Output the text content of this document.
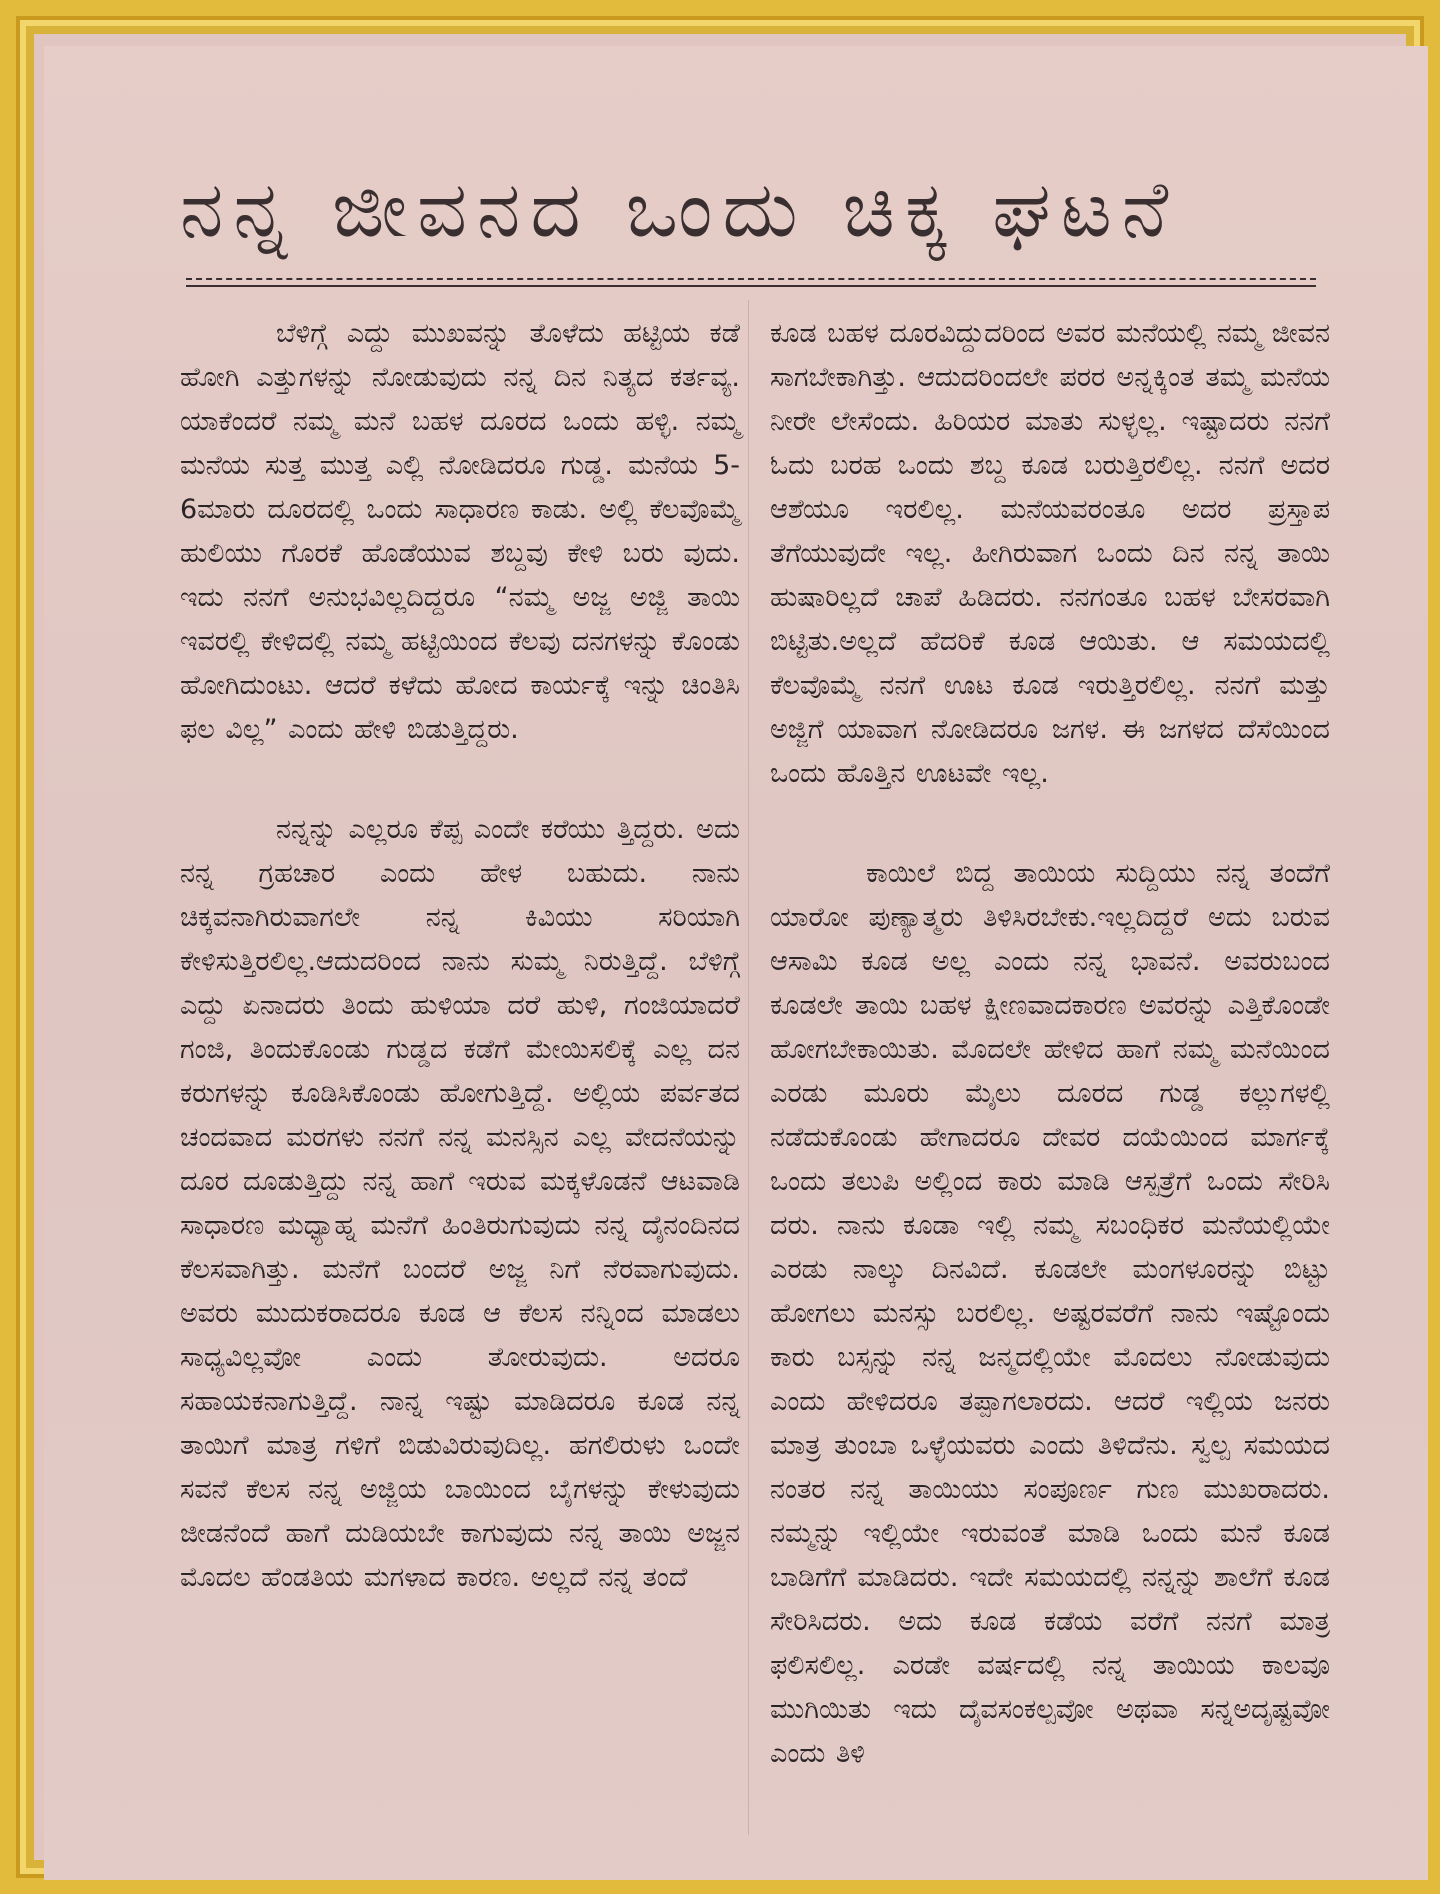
ನನ್ನ ಜೀವನದ ಒಂದು ಚಿಕ್ಕ ಘಟನೆ

ಬೆಳಿಗ್ಗೆ ಎದ್ದು ಮುಖವನ್ನು ತೊಳೆದು ಹಟ್ಟಿಯ ಕಡೆ ಹೋಗಿ ಎತ್ತುಗಳನ್ನು ನೋಡುವುದು ನನ್ನ ದಿನ ನಿತ್ಯದ ಕರ್ತವ್ಯ. ಯಾಕೆಂದರೆ ನಮ್ಮ ಮನೆ ಬಹಳ ದೂರದ ಒಂದು ಹಳ್ಳಿ. ನಮ್ಮ ಮನೆಯ ಸುತ್ತ ಮುತ್ತ ಎಲ್ಲಿ ನೋಡಿದರೂ ಗುಡ್ಡ. ಮನೆಯ 5-6ಮಾರು ದೂರದಲ್ಲಿ ಒಂದು ಸಾಧಾರಣ ಕಾಡು. ಅಲ್ಲಿ ಕೆಲವೊಮ್ಮೆ ಹುಲಿಯು ಗೊರಕೆ ಹೊಡೆಯುವ ಶಬ್ದವು ಕೇಳಿ ಬರು ವುದು. ಇದು ನನಗೆ ಅನುಭವಿಲ್ಲದಿದ್ದರೂ “ನಮ್ಮ ಅಜ್ಜ ಅಜ್ಜಿ ತಾಯಿ ಇವರಲ್ಲಿ ಕೇಳಿದಲ್ಲಿ ನಮ್ಮ ಹಟ್ಟಿಯಿಂದ ಕೆಲವು ದನಗಳನ್ನು ಕೊಂಡು ಹೋಗಿದುಂಟು. ಆದರೆ ಕಳೆದು ಹೋದ ಕಾರ್ಯಕ್ಕೆ ಇನ್ನು ಚಿಂತಿಸಿ ಫಲ ವಿಲ್ಲ” ಎಂದು ಹೇಳಿ ಬಿಡುತ್ತಿದ್ದರು.

ನನ್ನನ್ನು ಎಲ್ಲರೂ ಕೆಪ್ಪ ಎಂದೇ ಕರೆಯು ತ್ತಿದ್ದರು. ಅದು ನನ್ನ ಗ್ರಹಚಾರ ಎಂದು ಹೇಳ ಬಹುದು. ನಾನು ಚಿಕ್ಕವನಾಗಿರುವಾಗಲೇ ನನ್ನ ಕಿವಿಯು ಸರಿಯಾಗಿ ಕೇಳಿಸುತ್ತಿರಲಿಲ್ಲ.ಆದುದರಿಂದ ನಾನು ಸುಮ್ಮ ನಿರುತ್ತಿದ್ದೆ. ಬೆಳಿಗ್ಗೆ ಎದ್ದು ಏನಾದರು ತಿಂದು ಹುಳಿಯಾ ದರೆ ಹುಳಿ, ಗಂಜಿಯಾದರೆ ಗಂಜಿ, ತಿಂದುಕೊಂಡು ಗುಡ್ಡದ ಕಡೆಗೆ ಮೇಯಿಸಲಿಕ್ಕೆ ಎಲ್ಲ ದನ ಕರುಗಳನ್ನು ಕೂಡಿಸಿಕೊಂಡು ಹೋಗುತ್ತಿದ್ದೆ. ಅಲ್ಲಿಯ ಪರ್ವತದ ಚಂದವಾದ ಮರಗಳು ನನಗೆ ನನ್ನ ಮನಸ್ಸಿನ ಎಲ್ಲ ವೇದನೆಯನ್ನು ದೂರ ದೂಡುತ್ತಿದ್ದು ನನ್ನ ಹಾಗೆ ಇರುವ ಮಕ್ಕಳೊಡನೆ ಆಟವಾಡಿ ಸಾಧಾರಣ ಮಧ್ಯಾಹ್ನ ಮನೆಗೆ ಹಿಂತಿರುಗುವುದು ನನ್ನ ದೈನಂದಿನದ ಕೆಲಸವಾಗಿತ್ತು. ಮನೆಗೆ ಬಂದರೆ ಅಜ್ಜ ನಿಗೆ ನೆರವಾಗುವುದು. ಅವರು ಮುದುಕರಾದರೂ ಕೂಡ ಆ ಕೆಲಸ ನನ್ನಿಂದ ಮಾಡಲು ಸಾಧ್ಯವಿಲ್ಲವೋ ಎಂದು ತೋರುವುದು. ಅದರೂ ಸಹಾಯಕನಾಗುತ್ತಿದ್ದೆ. ನಾನ್ನ ಇಷ್ಟು ಮಾಡಿದರೂ ಕೂಡ ನನ್ನ ತಾಯಿಗೆ ಮಾತ್ರ ಗಳಿಗೆ ಬಿಡುವಿರುವುದಿಲ್ಲ. ಹಗಲಿರುಳು ಒಂದೇ ಸವನೆ ಕೆಲಸ ನನ್ನ ಅಜ್ಜಿಯ ಬಾಯಿಂದ ಬೈಗಳನ್ನು ಕೇಳುವುದು ಜೀಡನೆಂದೆ ಹಾಗೆ ದುಡಿಯಬೇ ಕಾಗುವುದು ನನ್ನ ತಾಯಿ ಅಜ್ಜನ ಮೊದಲ ಹೆಂಡತಿಯ ಮಗಳಾದ ಕಾರಣ. ಅಲ್ಲದೆ ನನ್ನ ತಂದೆ

ಕೂಡ ಬಹಳ ದೂರವಿದ್ದುದರಿಂದ ಅವರ ಮನೆಯಲ್ಲಿ ನಮ್ಮ ಜೀವನ ಸಾಗಬೇಕಾಗಿತ್ತು. ಆದುದರಿಂದಲೇ ಪರರ ಅನ್ನಕ್ಕಿಂತ ತಮ್ಮ ಮನೆಯ ನೀರೇ ಲೇಸೆಂದು. ಹಿರಿಯರ ಮಾತು ಸುಳ್ಳಲ್ಲ. ಇಷ್ಟಾದರು ನನಗೆ ಓದು ಬರಹ ಒಂದು ಶಬ್ದ ಕೂಡ ಬರುತ್ತಿರಲಿಲ್ಲ. ನನಗೆ ಅದರ ಆಶೆಯೂ ಇರಲಿಲ್ಲ. ಮನೆಯವರಂತೂ ಅದರ ಪ್ರಸ್ತಾಪ ತೆಗೆಯುವುದೇ ಇಲ್ಲ. ಹೀಗಿರುವಾಗ ಒಂದು ದಿನ ನನ್ನ ತಾಯಿ ಹುಷಾರಿಲ್ಲದೆ ಚಾಪೆ ಹಿಡಿದರು. ನನಗಂತೂ ಬಹಳ ಬೇಸರವಾಗಿ ಬಿಟ್ಟಿತು.ಅಲ್ಲದೆ ಹೆದರಿಕೆ ಕೂಡ ಆಯಿತು. ಆ ಸಮಯದಲ್ಲಿ ಕೆಲವೊಮ್ಮೆ ನನಗೆ ಊಟ ಕೂಡ ಇರುತ್ತಿರಲಿಲ್ಲ. ನನಗೆ ಮತ್ತು ಅಜ್ಜಿಗೆ ಯಾವಾಗ ನೋಡಿದರೂ ಜಗಳ. ಈ ಜಗಳದ ದೆಸೆಯಿಂದ ಒಂದು ಹೊತ್ತಿನ ಊಟವೇ ಇಲ್ಲ.

ಕಾಯಿಲೆ ಬಿದ್ದ ತಾಯಿಯ ಸುದ್ದಿಯು ನನ್ನ ತಂದೆಗೆ ಯಾರೋ ಪುಣ್ಯಾತ್ಮರು ತಿಳಿಸಿರಬೇಕು.ಇಲ್ಲದಿದ್ದರೆ ಅದು ಬರುವ ಆಸಾಮಿ ಕೂಡ ಅಲ್ಲ ಎಂದು ನನ್ನ ಭಾವನೆ. ಅವರುಬಂದ ಕೂಡಲೇ ತಾಯಿ ಬಹಳ ಕ್ಷೀಣವಾದಕಾರಣ ಅವರನ್ನು ಎತ್ತಿಕೊಂಡೇ ಹೋಗಬೇಕಾಯಿತು. ಮೊದಲೇ ಹೇಳಿದ ಹಾಗೆ ನಮ್ಮ ಮನೆಯಿಂದ ಎರಡು ಮೂರು ಮೈಲು ದೂರದ ಗುಡ್ಡ ಕಲ್ಲುಗಳಲ್ಲಿ ನಡೆದುಕೊಂಡು ಹೇಗಾದರೂ ದೇವರ ದಯೆಯಿಂದ ಮಾರ್ಗಕ್ಕೆ ಒಂದು ತಲುಪಿ ಅಲ್ಲಿಂದ ಕಾರು ಮಾಡಿ ಆಸ್ಪತ್ರೆಗೆ ಒಂದು ಸೇರಿಸಿ ದರು. ನಾನು ಕೂಡಾ ಇಲ್ಲಿ ನಮ್ಮ ಸಬಂಧಿಕರ ಮನೆಯಲ್ಲಿಯೇ ಎರಡು ನಾಲ್ಕು ದಿನವಿದೆ. ಕೂಡಲೇ ಮಂಗಳೂರನ್ನು ಬಿಟ್ಟು ಹೋಗಲು ಮನಸ್ಸು ಬರಲಿಲ್ಲ. ಅಷ್ಟರವರೆಗೆ ನಾನು ಇಷ್ಟೊಂದು ಕಾರು ಬಸ್ಸನ್ನು ನನ್ನ ಜನ್ಮದಲ್ಲಿಯೇ ಮೊದಲು ನೋಡುವುದು ಎಂದು ಹೇಳಿದರೂ ತಪ್ಪಾಗಲಾರದು. ಆದರೆ ಇಲ್ಲಿಯ ಜನರು ಮಾತ್ರ ತುಂಬಾ ಒಳ್ಳೆಯವರು ಎಂದು ತಿಳಿದೆನು. ಸ್ವಲ್ಪ ಸಮಯದ ನಂತರ ನನ್ನ ತಾಯಿಯು ಸಂಪೂರ್ಣ ಗುಣ ಮುಖರಾದರು. ನಮ್ಮನ್ನು ಇಲ್ಲಿಯೇ ಇರುವಂತೆ ಮಾಡಿ ಒಂದು ಮನೆ ಕೂಡ ಬಾಡಿಗೆಗೆ ಮಾಡಿದರು. ಇದೇ ಸಮಯದಲ್ಲಿ ನನ್ನನ್ನು ಶಾಲೆಗೆ ಕೂಡ ಸೇರಿಸಿದರು. ಅದು ಕೂಡ ಕಡೆಯ ವರೆಗೆ ನನಗೆ ಮಾತ್ರ ಫಲಿಸಲಿಲ್ಲ. ಎರಡೇ ವರ್ಷದಲ್ಲಿ ನನ್ನ ತಾಯಿಯ ಕಾಲವೂ ಮುಗಿಯಿತು ಇದು ದೈವಸಂಕಲ್ಪವೋ ಅಥವಾ ಸನ್ನಅದೃಷ್ಟವೋ ಎಂದು ತಿಳಿ
